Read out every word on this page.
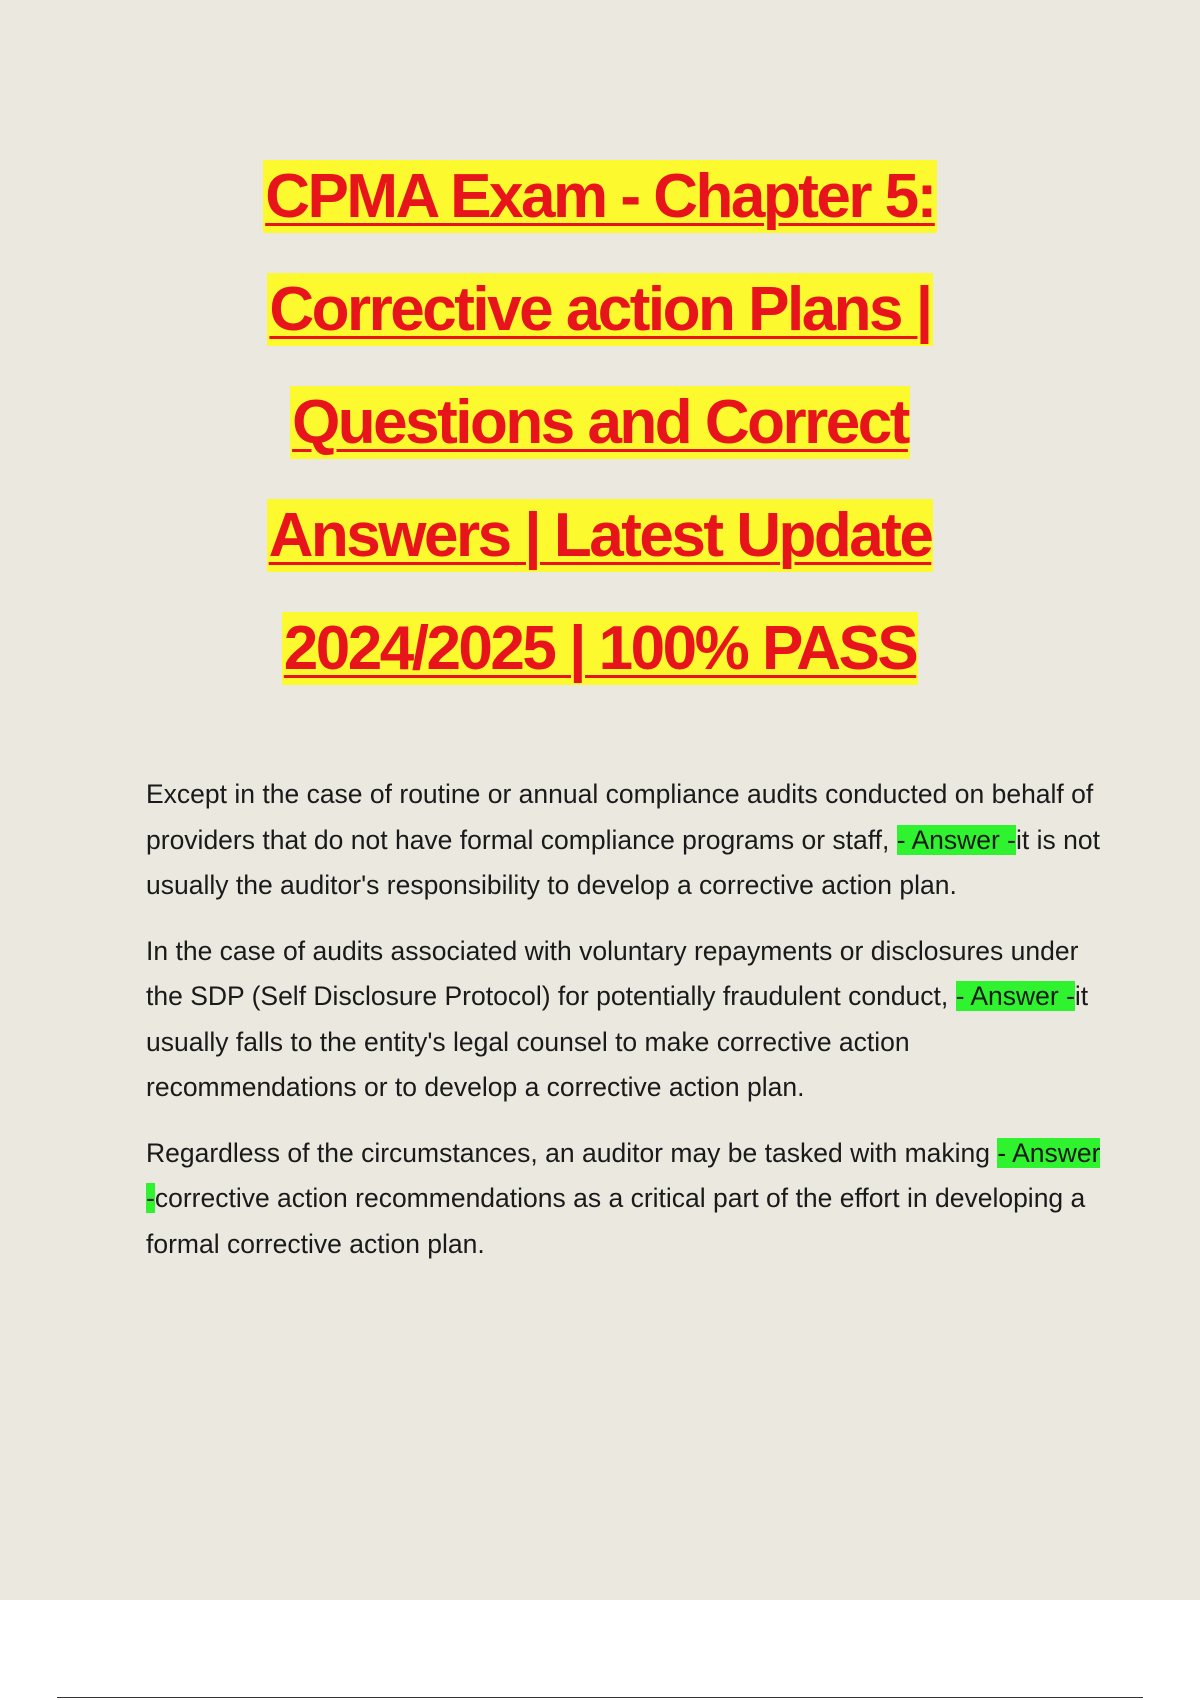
CPMA Exam - Chapter 5:
Corrective action Plans |
Questions and Correct
Answers | Latest Update
2024/2025 | 100% PASS

Except in the case of routine or annual compliance audits conducted on behalf of providers that do not have formal compliance programs or staff, - Answer -it is not usually the auditor's responsibility to develop a corrective action plan.

In the case of audits associated with voluntary repayments or disclosures under the SDP (Self Disclosure Protocol) for potentially fraudulent conduct, - Answer -it usually falls to the entity's legal counsel to make corrective action recommendations or to develop a corrective action plan.

Regardless of the circumstances, an auditor may be tasked with making - Answer -corrective action recommendations as a critical part of the effort in developing a formal corrective action plan.
